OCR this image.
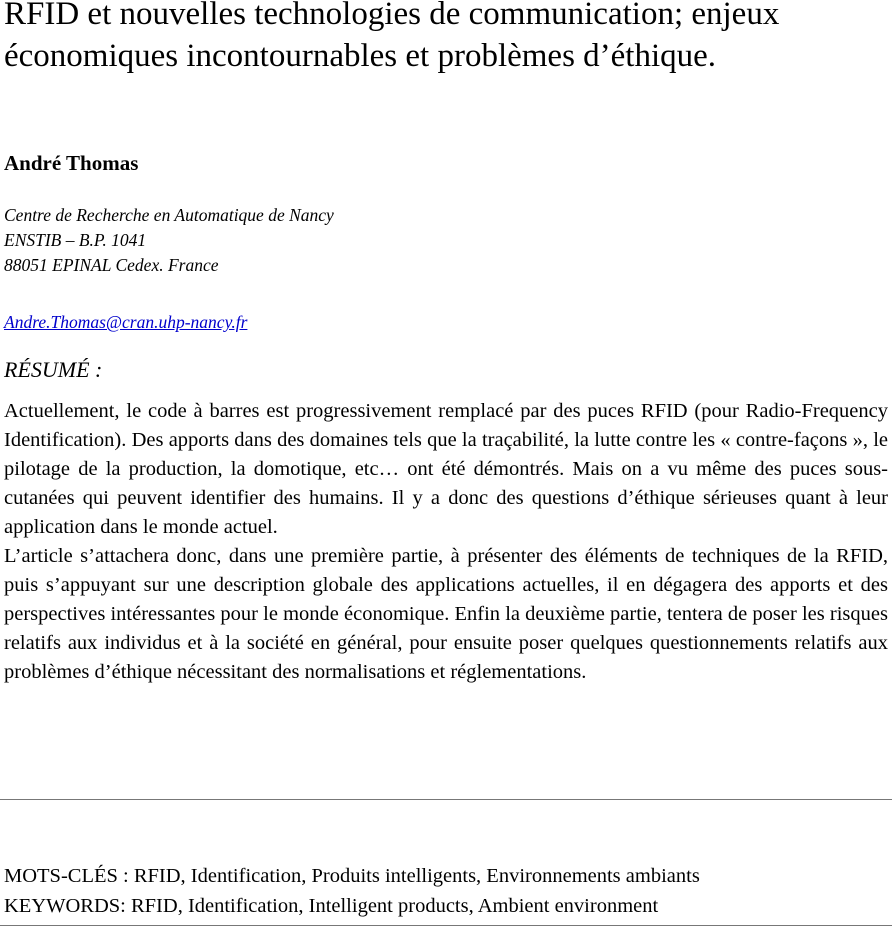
RFID et nouvelles technologies de communication; enjeux
économiques incontournables et problèmes d’éthique.
André Thomas
Centre de Recherche en Automatique de Nancy
ENSTIB – B.P. 1041
88051 EPINAL Cedex. France
Andre.Thomas@cran.uhp-nancy.fr
RÉSUMÉ :

Actuellement, le code à barres est progressivement remplacé par des puces RFID (pour Radio-Frequency Identification). Des apports dans des domaines tels que la traçabilité, la lutte contre les « contre-façons », le pilotage de la production, la domotique, etc… ont été démontrés. Mais on a vu même des puces sous-cutanées qui peuvent identifier des humains. Il y a donc des questions d’éthique sérieuses quant à leur application dans le monde actuel.

L’article s’attachera donc, dans une première partie, à présenter des éléments de techniques de la RFID, puis s’appuyant sur une description globale des applications actuelles, il en dégagera des apports et des perspectives intéressantes pour le monde économique. Enfin la deuxième partie, tentera de poser les risques relatifs aux individus et à la société en général, pour ensuite poser quelques questionnements relatifs aux problèmes d’éthique nécessitant des normalisations et réglementations.

MOTS-CLÉS : RFID, Identification, Produits intelligents, Environnements ambiants
KEYWORDS: RFID, Identification, Intelligent products, Ambient environment
